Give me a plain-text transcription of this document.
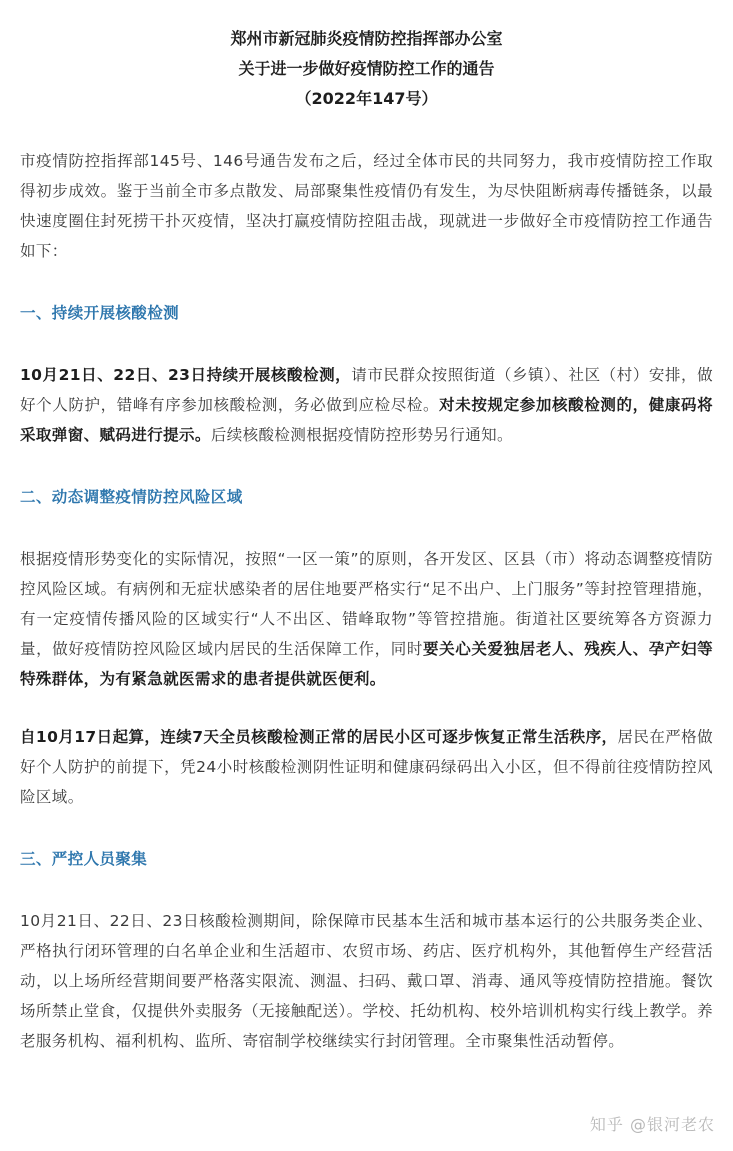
郑州市新冠肺炎疫情防控指挥部办公室
关于进一步做好疫情防控工作的通告
（2022年147号）

市疫情防控指挥部145号、146号通告发布之后，经过全体市民的共同努力，我市疫情防控工作取得初步成效。鉴于当前全市多点散发、局部聚集性疫情仍有发生，为尽快阻断病毒传播链条，以最快速度圈住封死捞干扑灭疫情，坚决打赢疫情防控阻击战，现就进一步做好全市疫情防控工作通告如下：

一、持续开展核酸检测

10月21日、22日、23日持续开展核酸检测，请市民群众按照街道（乡镇）、社区（村）安排，做好个人防护，错峰有序参加核酸检测，务必做到应检尽检。对未按规定参加核酸检测的，健康码将采取弹窗、赋码进行提示。后续核酸检测根据疫情防控形势另行通知。

二、动态调整疫情防控风险区域

根据疫情形势变化的实际情况，按照“一区一策”的原则，各开发区、区县（市）将动态调整疫情防控风险区域。有病例和无症状感染者的居住地要严格实行“足不出户、上门服务”等封控管理措施，有一定疫情传播风险的区域实行“人不出区、错峰取物”等管控措施。街道社区要统筹各方资源力量，做好疫情防控风险区域内居民的生活保障工作，同时要关心关爱独居老人、残疾人、孕产妇等特殊群体，为有紧急就医需求的患者提供就医便利。

自10月17日起算，连续7天全员核酸检测正常的居民小区可逐步恢复正常生活秩序，居民在严格做好个人防护的前提下，凭24小时核酸检测阴性证明和健康码绿码出入小区，但不得前往疫情防控风险区域。

三、严控人员聚集

10月21日、22日、23日核酸检测期间，除保障市民基本生活和城市基本运行的公共服务类企业、严格执行闭环管理的白名单企业和生活超市、农贸市场、药店、医疗机构外，其他暂停生产经营活动，以上场所经营期间要严格落实限流、测温、扫码、戴口罩、消毒、通风等疫情防控措施。餐饮场所禁止堂食，仅提供外卖服务（无接触配送）。学校、托幼机构、校外培训机构实行线上教学。养老服务机构、福利机构、监所、寄宿制学校继续实行封闭管理。全市聚集性活动暂停。

知乎 @银河老农
